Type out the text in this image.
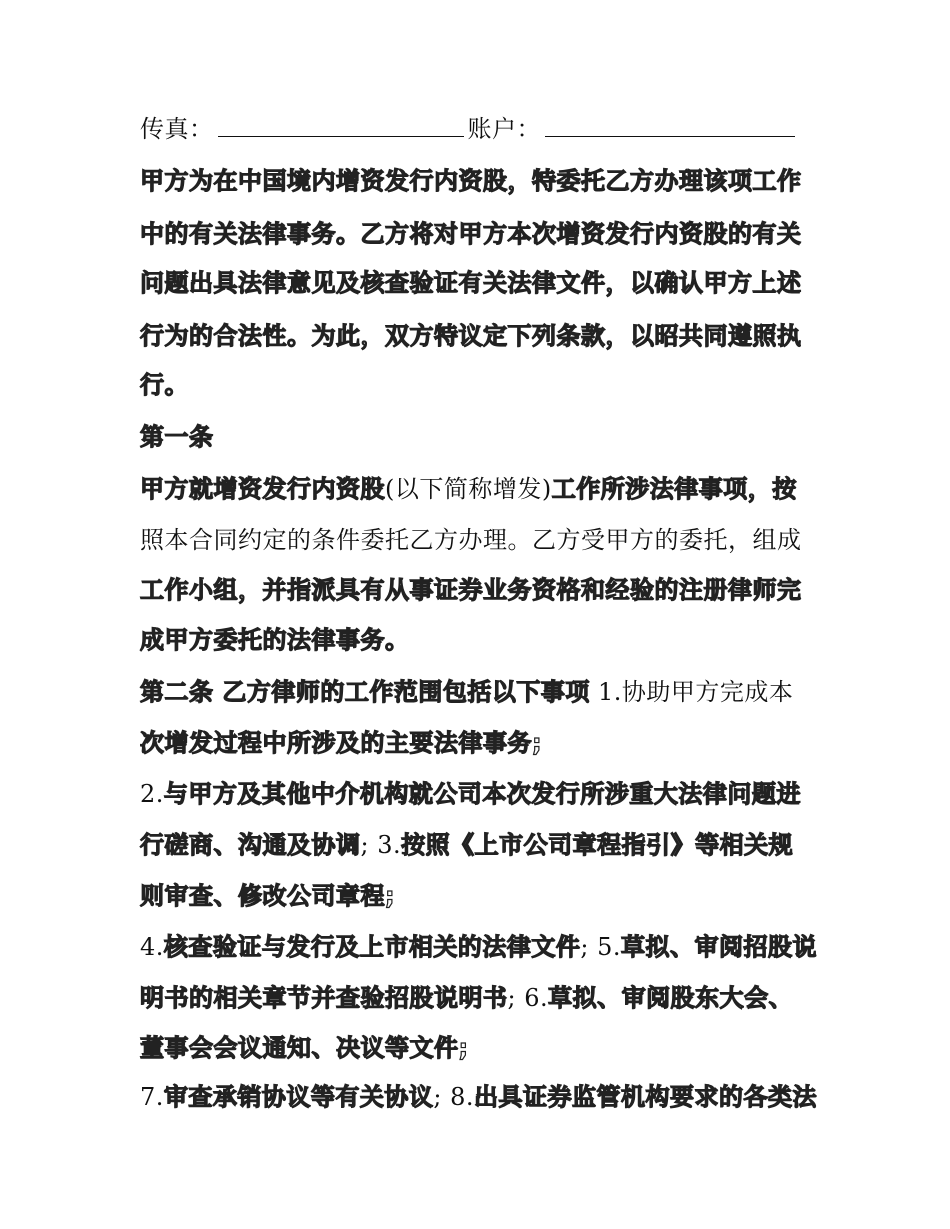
传真：	账户：
甲方为在中国境内增资发行内资股，特委托乙方办理该项工作
中的有关法律事务。乙方将对甲方本次增资发行内资股的有关
问题出具法律意见及核查验证有关法律文件，以确认甲方上述
行为的合法性。为此，双方特议定下列条款，以昭共同遵照执
行。
第一条
甲方就增资发行内资股(以下简称增发)工作所涉法律事项，按
照本合同约定的条件委托乙方办理。乙方受甲方的委托，组成
工作小组，并指派具有从事证券业务资格和经验的注册律师完
成甲方委托的法律事务。
第二条 乙方律师的工作范围包括以下事项 1.协助甲方完成本
次增发过程中所涉及的主要法律事务;
2.与甲方及其他中介机构就公司本次发行所涉重大法律问题进
行磋商、沟通及协调; 3.按照《上市公司章程指引》等相关规
则审查、修改公司章程;
4.核查验证与发行及上市相关的法律文件; 5.草拟、审阅招股说
明书的相关章节并查验招股说明书; 6.草拟、审阅股东大会、
董事会会议通知、决议等文件;
7.审查承销协议等有关协议; 8.出具证券监管机构要求的各类法
